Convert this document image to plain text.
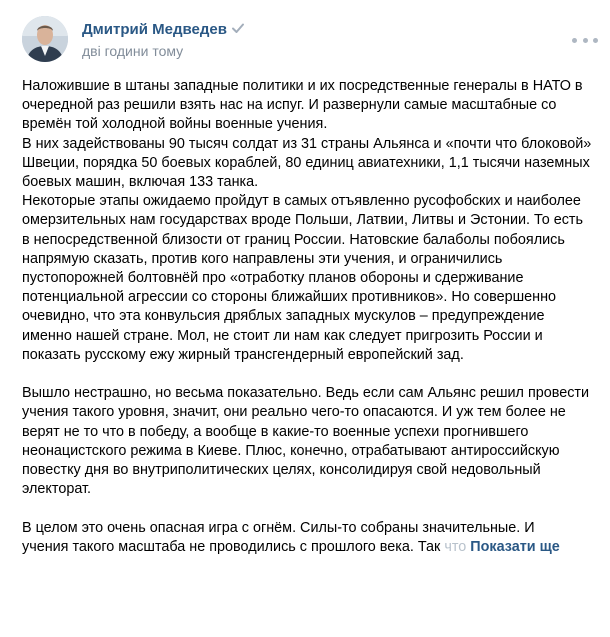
Дмитрий Медведев
дві години тому

Наложившие в штаны западные политики и их посредственные генералы в НАТО в очередной раз решили взять нас на испуг. И развернули самые масштабные со времён той холодной войны военные учения.

В них задействованы 90 тысяч солдат из 31 страны Альянса и «почти что блоковой» Швеции, порядка 50 боевых кораблей, 80 единиц авиатехники, 1,1 тысячи наземных боевых машин, включая 133 танка.

Некоторые этапы ожидаемо пройдут в самых отъявленно русофобских и наиболее омерзительных нам государствах вроде Польши, Латвии, Литвы и Эстонии. То есть в непосредственной близости от границ России. Натовские балаболы побоялись напрямую сказать, против кого направлены эти учения, и ограничились пустопорожней болтовнёй про «отработку планов обороны и сдерживание потенциальной агрессии со стороны ближайших противников». Но совершенно очевидно, что эта конвульсия дряблых западных мускулов – предупреждение именно нашей стране. Мол, не стоит ли нам как следует пригрозить России и показать русскому ежу жирный трансгендерный европейский зад.

Вышло нестрашно, но весьма показательно. Ведь если сам Альянс решил провести учения такого уровня, значит, они реально чего-то опасаются. И уж тем более не верят не то что в победу, а вообще в какие-то военные успехи прогнившего неонацистского режима в Киеве. Плюс, конечно, отрабатывают антироссийскую повестку дня во внутриполитических целях, консолидируя свой недовольный электорат.

В целом это очень опасная игра с огнём. Силы-то собраны значительные. И

учения такого масштаба не проводились с прошлого века. Так что Показати ще
